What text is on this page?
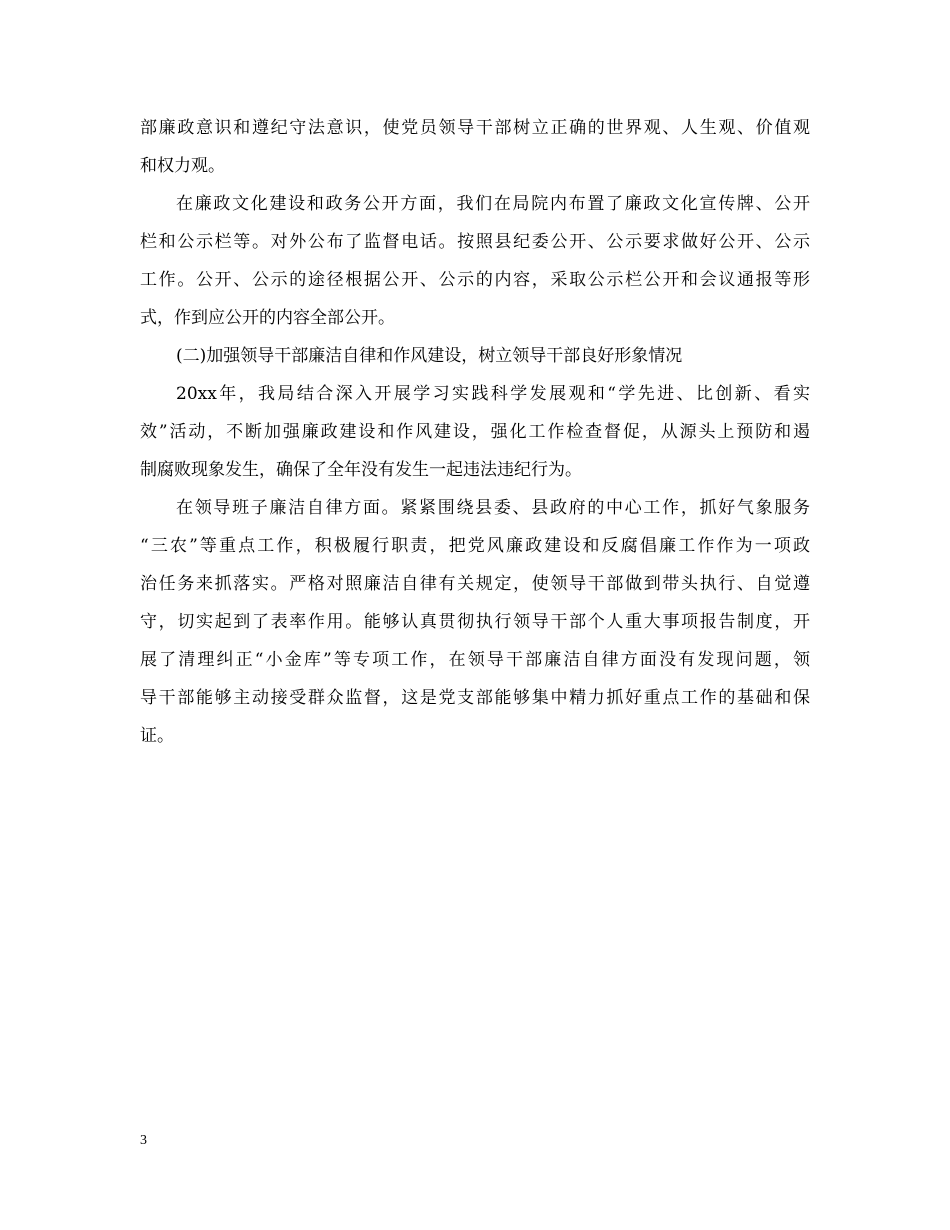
部廉政意识和遵纪守法意识，使党员领导干部树立正确的世界观、人生观、价值观
和权力观。
在廉政文化建设和政务公开方面，我们在局院内布置了廉政文化宣传牌、公开
栏和公示栏等。对外公布了监督电话。按照县纪委公开、公示要求做好公开、公示
工作。公开、公示的途径根据公开、公示的内容，采取公示栏公开和会议通报等形
式，作到应公开的内容全部公开。
(二)加强领导干部廉洁自律和作风建设，树立领导干部良好形象情况
20xx年，我局结合深入开展学习实践科学发展观和“学先进、比创新、看实
效”活动，不断加强廉政建设和作风建设，强化工作检查督促，从源头上预防和遏
制腐败现象发生，确保了全年没有发生一起违法违纪行为。
在领导班子廉洁自律方面。紧紧围绕县委、县政府的中心工作，抓好气象服务
“三农”等重点工作，积极履行职责，把党风廉政建设和反腐倡廉工作作为一项政
治任务来抓落实。严格对照廉洁自律有关规定，使领导干部做到带头执行、自觉遵
守，切实起到了表率作用。能够认真贯彻执行领导干部个人重大事项报告制度，开
展了清理纠正“小金库”等专项工作，在领导干部廉洁自律方面没有发现问题，领
导干部能够主动接受群众监督，这是党支部能够集中精力抓好重点工作的基础和保
证。
3
